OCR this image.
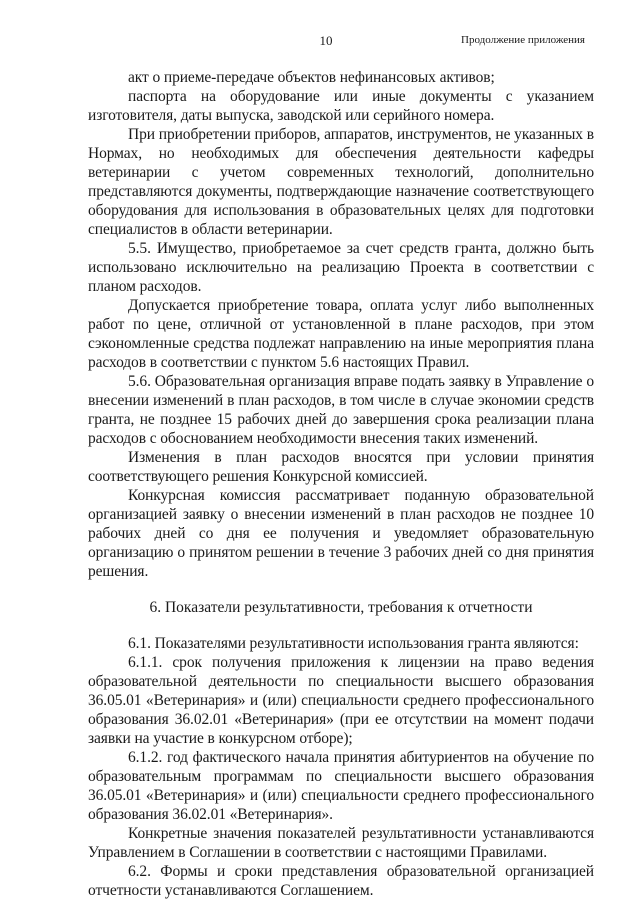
10	Продолжение приложения

акт о приеме-передаче объектов нефинансовых активов;

паспорта на оборудование или иные документы с указанием изготовителя, даты выпуска, заводской или серийного номера.

При приобретении приборов, аппаратов, инструментов, не указанных в Нормах, но необходимых для обеспечения деятельности кафедры ветеринарии с учетом современных технологий, дополнительно представляются документы, подтверждающие назначение соответствующего оборудования для использования в образовательных целях для подготовки специалистов в области ветеринарии.

5.5. Имущество, приобретаемое за счет средств гранта, должно быть использовано исключительно на реализацию Проекта в соответствии с планом расходов.

Допускается приобретение товара, оплата услуг либо выполненных работ по цене, отличной от установленной в плане расходов, при этом сэкономленные средства подлежат направлению на иные мероприятия плана расходов в соответствии с пунктом 5.6 настоящих Правил.

5.6. Образовательная организация вправе подать заявку в Управление о внесении изменений в план расходов, в том числе в случае экономии средств гранта, не позднее 15 рабочих дней до завершения срока реализации плана расходов с обоснованием необходимости внесения таких изменений.

Изменения в план расходов вносятся при условии принятия соответствующего решения Конкурсной комиссией.

Конкурсная комиссия рассматривает поданную образовательной организацией заявку о внесении изменений в план расходов не позднее 10 рабочих дней со дня ее получения и уведомляет образовательную организацию о принятом решении в течение 3 рабочих дней со дня принятия решения.

6. Показатели результативности, требования к отчетности

6.1. Показателями результативности использования гранта являются:

6.1.1. срок получения приложения к лицензии на право ведения образовательной деятельности по специальности высшего образования 36.05.01 «Ветеринария» и (или) специальности среднего профессионального образования 36.02.01 «Ветеринария» (при ее отсутствии на момент подачи заявки на участие в конкурсном отборе);

6.1.2. год фактического начала принятия абитуриентов на обучение по образовательным программам по специальности высшего образования 36.05.01 «Ветеринария» и (или) специальности среднего профессионального образования 36.02.01 «Ветеринария».

Конкретные значения показателей результативности устанавливаются Управлением в Соглашении в соответствии с настоящими Правилами.

6.2. Формы и сроки представления образовательной организацией отчетности устанавливаются Соглашением.
